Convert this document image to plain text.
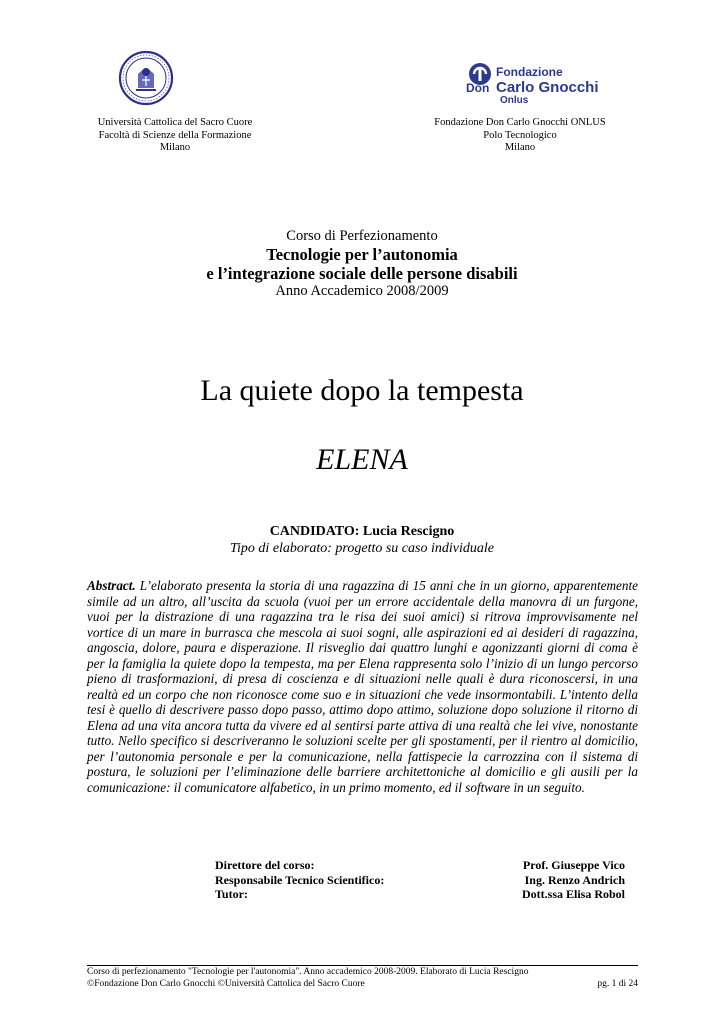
Fondazione
Don Carlo Gnocchi
Onlus
Università Cattolica del Sacro Cuore
Facoltà di Scienze della Formazione
Milano
Fondazione Don Carlo Gnocchi ONLUS
Polo Tecnologico
Milano
Corso di Perfezionamento
Tecnologie per l’autonomia
e l’integrazione sociale delle persone disabili
Anno Accademico 2008/2009
La quiete dopo la tempesta
ELENA
CANDIDATO: Lucia Rescigno
Tipo di elaborato: progetto su caso individuale
Abstract. L’elaborato presenta la storia di una ragazzina di 15 anni che in un giorno, apparentemente simile ad un altro, all’uscita da scuola (vuoi per un errore accidentale della manovra di un furgone, vuoi per la distrazione di una ragazzina tra le risa dei suoi amici) si ritrova improvvisamente nel vortice di un mare in burrasca che mescola ai suoi sogni, alle aspirazioni ed ai desideri di ragazzina, angoscia, dolore, paura e disperazione. Il risveglio dai quattro lunghi e agonizzanti giorni di coma è per la famiglia la quiete dopo la tempesta, ma per Elena rappresenta solo l’inizio di un lungo percorso pieno di trasformazioni, di presa di coscienza e di situazioni nelle quali è dura riconoscersi, in una realtà ed un corpo che non riconosce come suo e in situazioni che vede insormontabili. L’intento della tesi è quello di descrivere passo dopo passo, attimo dopo attimo, soluzione dopo soluzione il ritorno di Elena ad una vita ancora tutta da vivere ed al sentirsi parte attiva di una realtà che lei vive, nonostante tutto. Nello specifico si descriveranno le soluzioni scelte per gli spostamenti, per il rientro al domicilio, per l’autonomia personale e per la comunicazione, nella fattispecie la carrozzina con il sistema di postura, le soluzioni per l’eliminazione delle barriere architettoniche al domicilio e gli ausili per la comunicazione: il comunicatore alfabetico, in un primo momento, ed il software in un seguito.
Direttore del corso:	Prof. Giuseppe Vico
Responsabile Tecnico Scientifico:	Ing. Renzo Andrich
Tutor:	Dott.ssa Elisa Robol
Corso di perfezionamento "Tecnologie per l'autonomia". Anno accademico 2008-2009. Elaborato di Lucia Rescigno
©Fondazione Don Carlo Gnocchi ©Università Cattolica del Sacro Cuore	pg. 1 di 24
